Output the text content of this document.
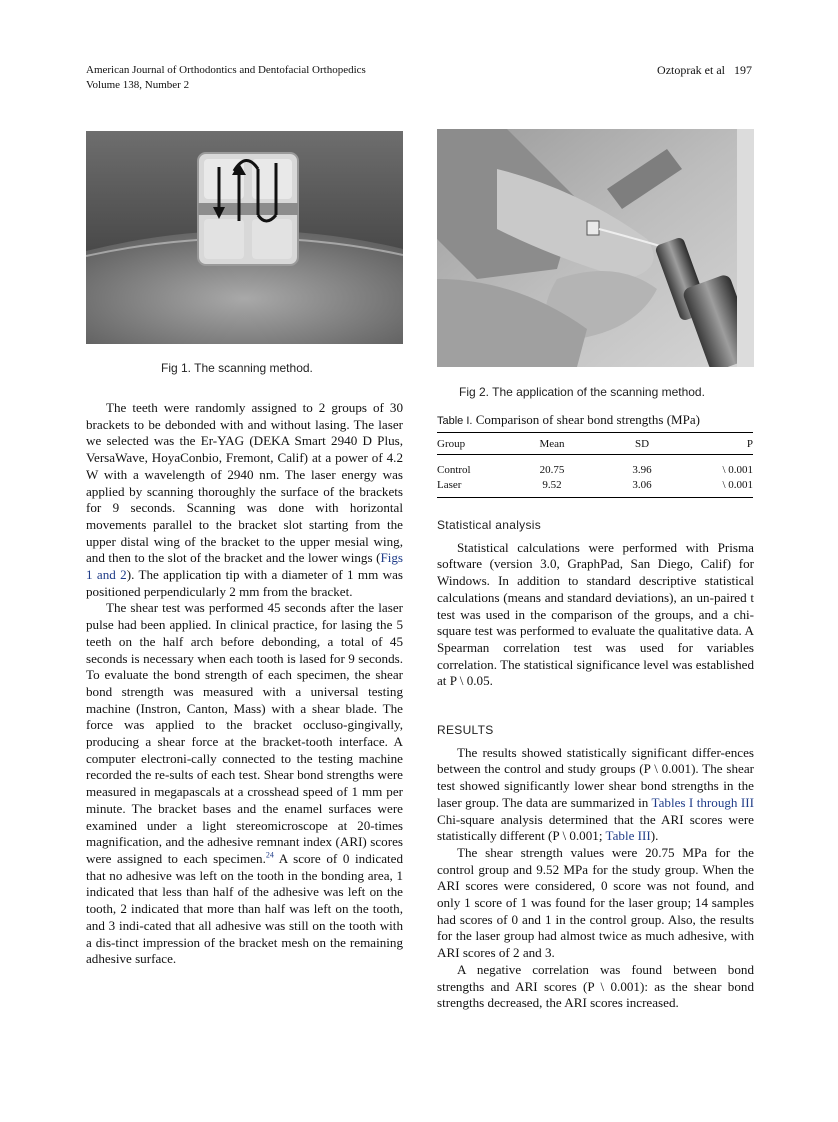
American Journal of Orthodontics and Dentofacial Orthopedics
Volume 138, Number 2
Oztoprak et al 197
Fig 1. The scanning method.
Fig 2. The application of the scanning method.

The teeth were randomly assigned to 2 groups of 30 brackets to be debonded with and without lasing. The laser we selected was the Er-YAG (DEKA Smart 2940 D Plus, VersaWave, HoyaConbio, Fremont, Calif) at a power of 4.2 W with a wavelength of 2940 nm. The laser energy was applied by scanning thoroughly the surface of the brackets for 9 seconds. Scanning was done with horizontal movements parallel to the bracket slot starting from the upper distal wing of the bracket to the upper mesial wing, and then to the slot of the bracket and the lower wings (Figs 1 and 2). The application tip with a diameter of 1 mm was positioned perpendicularly 2 mm from the bracket.

The shear test was performed 45 seconds after the laser pulse had been applied. In clinical practice, for lasing the 5 teeth on the half arch before debonding, a total of 45 seconds is necessary when each tooth is lased for 9 seconds. To evaluate the bond strength of each specimen, the shear bond strength was measured with a universal testing machine (Instron, Canton, Mass) with a shear blade. The force was applied to the bracket occluso-gingivally, producing a shear force at the bracket-tooth interface. A computer electroni-cally connected to the testing machine recorded the re-sults of each test. Shear bond strengths were measured in megapascals at a crosshead speed of 1 mm per minute. The bracket bases and the enamel surfaces were examined under a light stereomicroscope at 20-times magnification, and the adhesive remnant index (ARI) scores were assigned to each specimen.$^{24}$ A score of 0 indicated that no adhesive was left on the tooth in the bonding area, 1 indicated that less than half of the adhesive was left on the tooth, 2 indicated that more than half was left on the tooth, and 3 indi-cated that all adhesive was still on the tooth with a dis-tinct impression of the bracket mesh on the remaining adhesive surface.

Table I. Comparison of shear bond strengths (MPa)
Group	Mean	SD	P
Control	20.75	3.96	\ 0.001
Laser	9.52	3.06	\ 0.001
Statistical analysis

Statistical calculations were performed with Prisma software (version 3.0, GraphPad, San Diego, Calif) for Windows. In addition to standard descriptive statistical calculations (means and standard deviations), an un-paired t test was used in the comparison of the groups, and a chi-square test was performed to evaluate the qualitative data. A Spearman correlation test was used for variables correlation. The statistical significance level was established at P \ 0.05.

RESULTS

The results showed statistically significant differ-ences between the control and study groups (P \ 0.001). The shear test showed significantly lower shear bond strengths in the laser group. The data are summarized in Tables I through III Chi-square analysis determined that the ARI scores were statistically different (P \ 0.001; Table III).

The shear strength values were 20.75 MPa for the control group and 9.52 MPa for the study group. When the ARI scores were considered, 0 score was not found, and only 1 score of 1 was found for the laser group; 14 samples had scores of 0 and 1 in the control group. Also, the results for the laser group had almost twice as much adhesive, with ARI scores of 2 and 3.

A negative correlation was found between bond strengths and ARI scores (P \ 0.001): as the shear bond strengths decreased, the ARI scores increased.
